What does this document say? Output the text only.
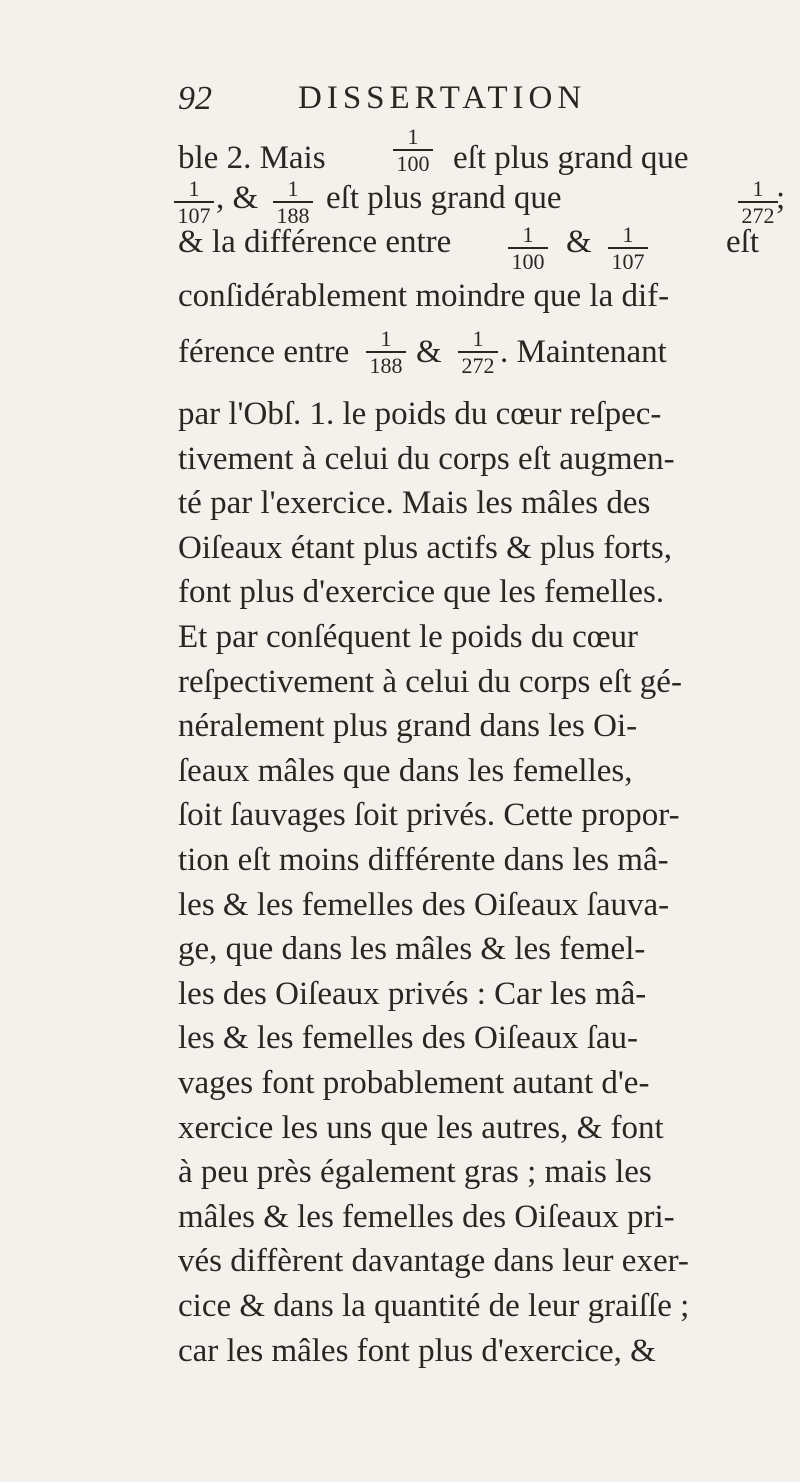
92	DISSERTATION
ble 2. Mais	$\frac{1}{100}$ eſt plus grand que
$\frac{1}{107}$ , & $\frac{1}{188}$ eſt plus grand que	$\frac{1}{272}$
;
& la différence entre	$\frac{1}{100}$ & $\frac{1}{107}$ eſt
conſidérablement moindre que la dif-
férence entre $\frac{1}{188}$ & $\frac{1}{272}$ . Maintenant
par l'Obſ. 1. le poids du cœur reſpec-
tivement à celui du corps eſt augmen-
té par l'exercice. Mais les mâles des
Oiſeaux étant plus actifs & plus forts,
font plus d'exercice que les femelles.
Et par conſéquent le poids du cœur
reſpectivement à celui du corps eſt gé-
néralement plus grand dans les Oi-
ſeaux mâles que dans les femelles,
ſoit ſauvages ſoit privés. Cette propor-
tion eſt moins différente dans les mâ-
les & les femelles des Oiſeaux ſauva-
ge, que dans les mâles & les femel-
les des Oiſeaux privés : Car les mâ-
les & les femelles des Oiſeaux ſau-
vages font probablement autant d'e-
xercice les uns que les autres, & font
à peu près également gras ; mais les
mâles & les femelles des Oiſeaux pri-
vés diffèrent davantage dans leur exer-
cice & dans la quantité de leur graiſſe ;
car les mâles font plus d'exercice, &
